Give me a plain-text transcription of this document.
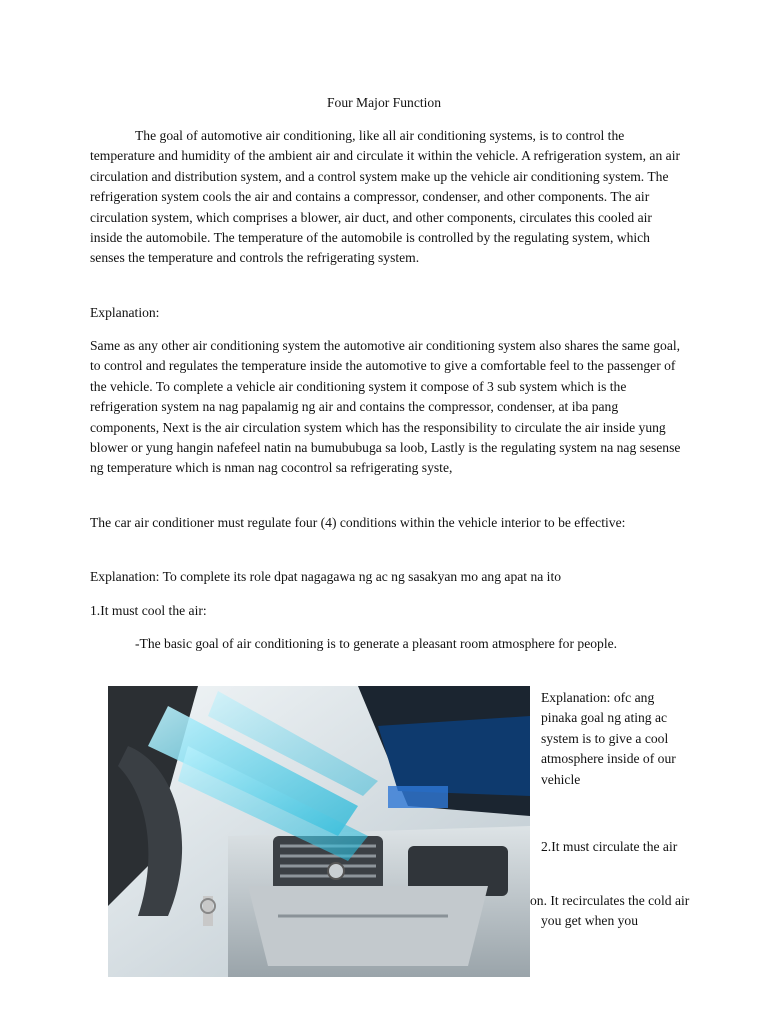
Four Major Function

The goal of automotive air conditioning, like all air conditioning systems, is to control the temperature and humidity of the ambient air and circulate it within the vehicle. A refrigeration system, an air circulation and distribution system, and a control system make up the vehicle air conditioning system. The refrigeration system cools the air and contains a compressor, condenser, and other components. The air circulation system, which comprises a blower, air duct, and other components, circulates this cooled air inside the automobile. The temperature of the automobile is controlled by the regulating system, which senses the temperature and controls the refrigerating system.

Explanation:

Same as any other air conditioning system the automotive air conditioning system also shares the same goal, to control and regulates the temperature inside the automotive to give a comfortable feel to the passenger of the vehicle. To complete a vehicle air conditioning system it compose of 3 sub system which is the refrigeration system na nag papalamig ng air and contains the compressor, condenser, at iba pang components, Next is the air circulation system which has the responsibility to circulate the air inside yung blower or yung hangin nafefeel natin na bumububuga sa loob, Lastly is the regulating system na nag sesense ng temperature which is nman nag cocontrol sa refrigerating syste,

The car air conditioner must regulate four (4) conditions within the vehicle interior to be effective:

Explanation: To complete its role dpat nagagawa ng ac ng sasakyan mo ang apat na ito

1.It must cool the air:

-The basic goal of air conditioning is to generate a pleasant room atmosphere for people.
Explanation: ofc ang pinaka goal ng ating ac system is to give a cool atmosphere inside of our vehicle
2.It must circulate the air
on. It recirculates the cold air
you get when you
